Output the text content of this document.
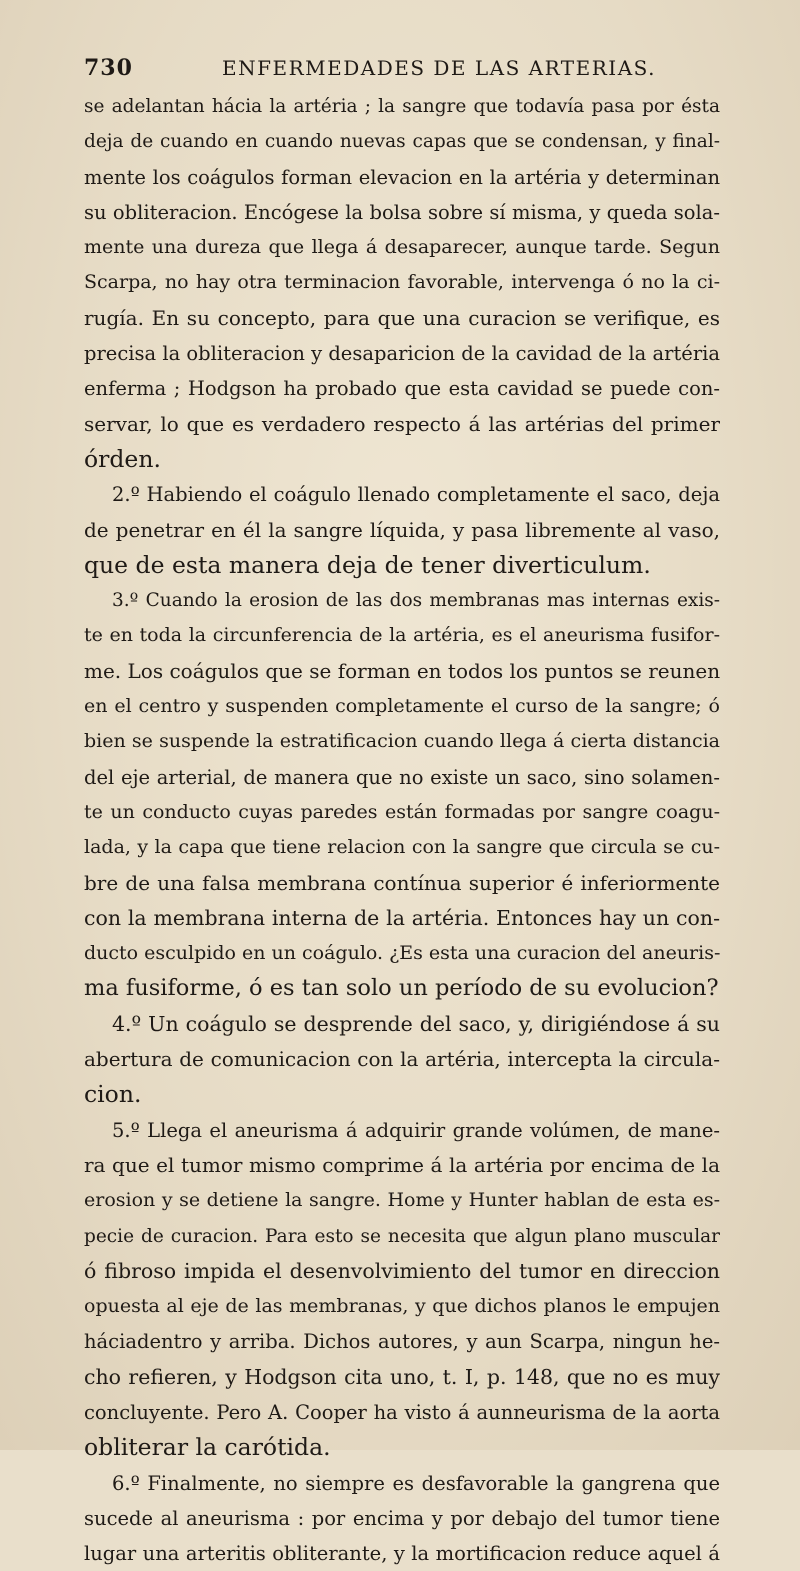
730	ENFERMEDADES DE LAS ARTERIAS.
se adelantan hácia la artéria ; la sangre que todavía pasa por ésta
deja de cuando en cuando nuevas capas que se condensan, y final-
mente los coágulos forman elevacion en la artéria y determinan
su obliteracion. Encógese la bolsa sobre sí misma, y queda sola-
mente una dureza que llega á desaparecer, aunque tarde. Segun
Scarpa, no hay otra terminacion favorable, intervenga ó no la ci-
rugía. En su concepto, para que una curacion se verifique, es
precisa la obliteracion y desaparicion de la cavidad de la artéria
enferma ; Hodgson ha probado que esta cavidad se puede con-
servar, lo que es verdadero respecto á las artérias del primer
órden.
2.º Habiendo el coágulo llenado completamente el saco, deja
de penetrar en él la sangre líquida, y pasa libremente al vaso,
que de esta manera deja de tener diverticulum.
3.º Cuando la erosion de las dos membranas mas internas exis-
te en toda la circunferencia de la artéria, es el aneurisma fusifor-
me. Los coágulos que se forman en todos los puntos se reunen
en el centro y suspenden completamente el curso de la sangre; ó
bien se suspende la estratificacion cuando llega á cierta distancia
del eje arterial, de manera que no existe un saco, sino solamen-
te un conducto cuyas paredes están formadas por sangre coagu-
lada, y la capa que tiene relacion con la sangre que circula se cu-
bre de una falsa membrana contínua superior é inferiormente
con la membrana interna de la artéria. Entonces hay un con-
ducto esculpido en un coágulo. ¿Es esta una curacion del aneuris-
ma fusiforme, ó es tan solo un período de su evolucion?
4.º Un coágulo se desprende del saco, y, dirigiéndose á su
abertura de comunicacion con la artéria, intercepta la circula-
cion.
5.º Llega el aneurisma á adquirir grande volúmen, de mane-
ra que el tumor mismo comprime á la artéria por encima de la
erosion y se detiene la sangre. Home y Hunter hablan de esta es-
pecie de curacion. Para esto se necesita que algun plano muscular
ó fibroso impida el desenvolvimiento del tumor en direccion
opuesta al eje de las membranas, y que dichos planos le empujen
háciadentro y arriba. Dichos autores, y aun Scarpa, ningun he-
cho refieren, y Hodgson cita uno, t. I, p. 148, que no es muy
concluyente. Pero A. Cooper ha visto á aunneurisma de la aorta
obliterar la carótida.
6.º Finalmente, no siempre es desfavorable la gangrena que
sucede al aneurisma : por encima y por debajo del tumor tiene
lugar una arteritis obliterante, y la mortificacion reduce aquel á
